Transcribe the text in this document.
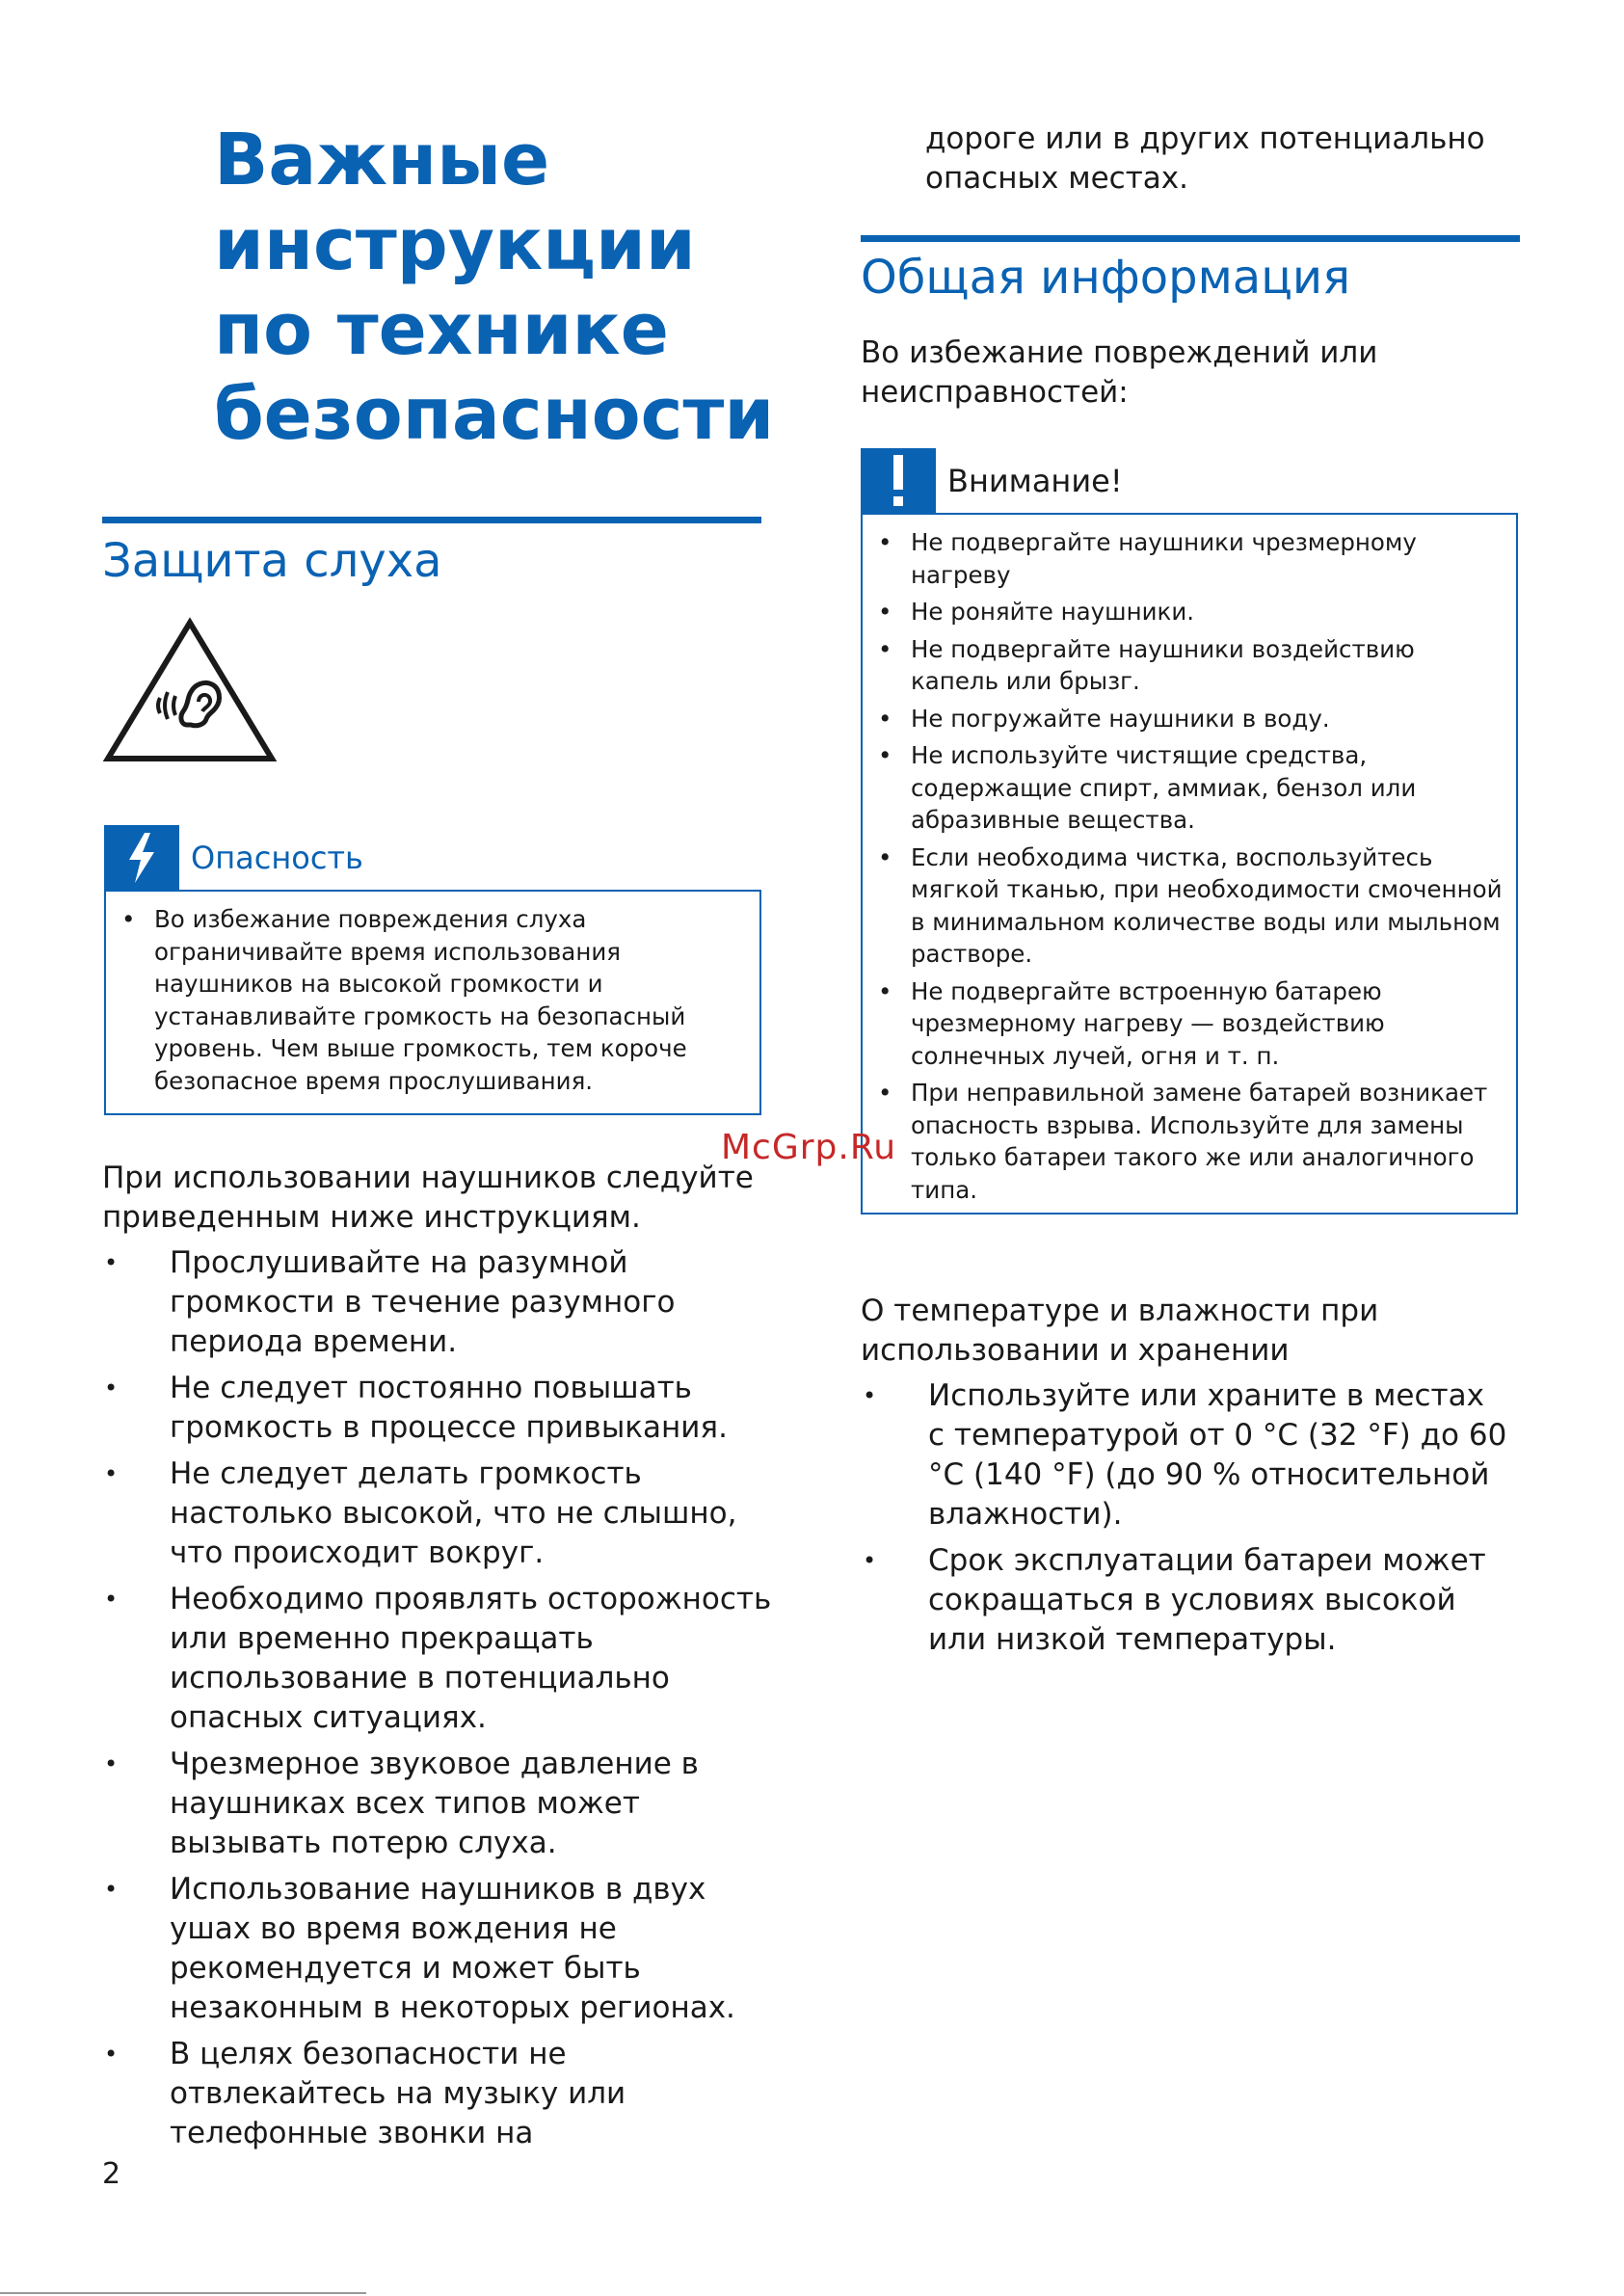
Важные
инструкции
по технике
безопасности
Защита слуха
Опасность
• Во избежание повреждения слуха ограничивайте время использования наушников на высокой громкости и устанавливайте громкость на безопасный уровень. Чем выше громкость, тем короче безопасное время прослушивания.
При использовании наушников следуйте приведенным ниже инструкциям.
• Прослушивайте на разумной громкости в течение разумного периода времени.
• Не следует постоянно повышать громкость в процессе привыкания.
• Не следует делать громкость настолько высокой, что не слышно, что происходит вокруг.
• Необходимо проявлять осторожность или временно прекращать использование в потенциально опасных ситуациях.
• Чрезмерное звуковое давление в наушниках всех типов может вызывать потерю слуха.
• Использование наушников в двух ушах во время вождения не рекомендуется и может быть незаконным в некоторых регионах.
• В целях безопасности не отвлекайтесь на музыку или телефонные звонки на
дороге или в других потенциально опасных местах.
Общая информация
Во избежание повреждений или неисправностей:
Внимание!
• Не подвергайте наушники чрезмерному нагреву
• Не роняйте наушники.
• Не подвергайте наушники воздействию капель или брызг.
• Не погружайте наушники в воду.
• Не используйте чистящие средства, содержащие спирт, аммиак, бензол или абразивные вещества.
• Если необходима чистка, воспользуйтесь мягкой тканью, при необходимости смоченной в минимальном количестве воды или мыльном растворе.
• Не подвергайте встроенную батарею чрезмерному нагреву — воздействию солнечных лучей, огня и т. п.
• При неправильной замене батарей возникает опасность взрыва. Используйте для замены только батареи такого же или аналогичного типа.
О температуре и влажности при использовании и хранении
• Используйте или храните в местах с температурой от 0 °C (32 °F) до 60 °C (140 °F) (до 90 % относительной влажности).
• Срок эксплуатации батареи может сокращаться в условиях высокой или низкой температуры.
McGrp.Ru
2
